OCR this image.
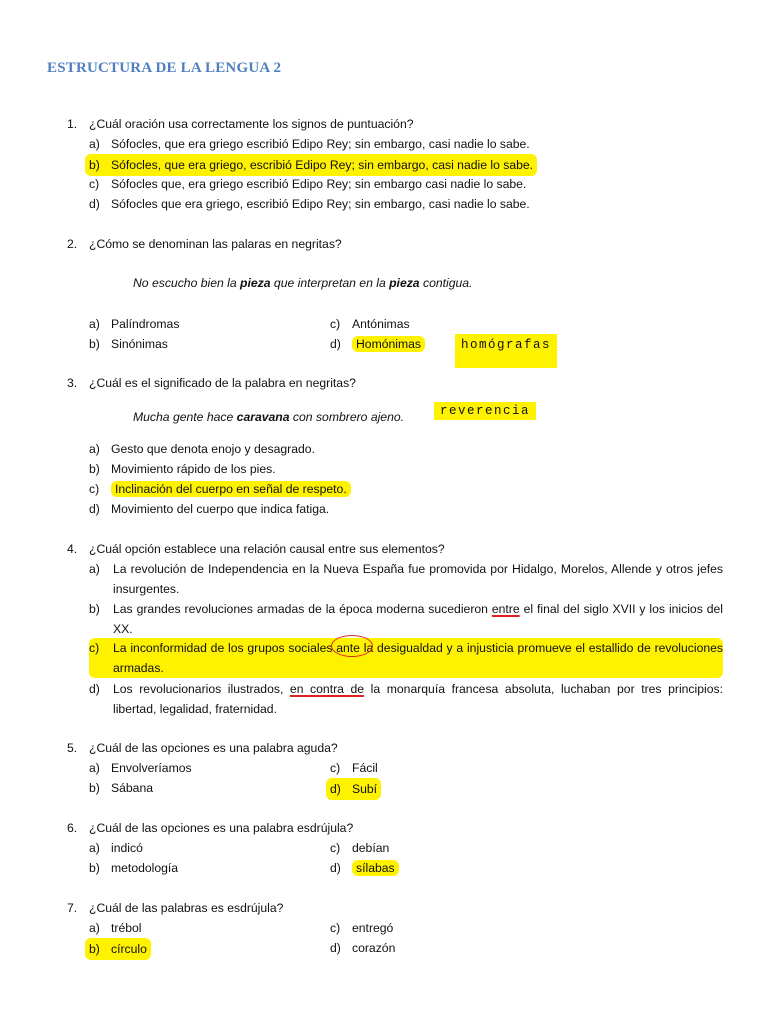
ESTRUCTURA DE LA LENGUA 2
1. ¿Cuál oración usa correctamente los signos de puntuación?
a) Sófocles, que era griego escribió Edipo Rey; sin embargo, casi nadie lo sabe.
b) Sófocles, que era griego, escribió Edipo Rey; sin embargo, casi nadie lo sabe.
c) Sófocles que, era griego escribió Edipo Rey; sin embargo casi nadie lo sabe.
d) Sófocles que era griego, escribió Edipo Rey; sin embargo, casi nadie lo sabe.
2. ¿Cómo se denominan las palaras en negritas?
No escucho bien la pieza que interpretan en la pieza contigua.
a) Palíndromas
b) Sinónimas
c) Antónimas
d) Homónimas	homógrafas
3. ¿Cuál es el significado de la palabra en negritas?
Mucha gente hace caravana con sombrero ajeno.	reverencia
a) Gesto que denota enojo y desagrado.
b) Movimiento rápido de los pies.
c) Inclinación del cuerpo en señal de respeto.
d) Movimiento del cuerpo que indica fatiga.
4. ¿Cuál opción establece una relación causal entre sus elementos?
a) La revolución de Independencia en la Nueva España fue promovida por Hidalgo, Morelos, Allende y otros jefes insurgentes.
b) Las grandes revoluciones armadas de la época moderna sucedieron entre el final del siglo XVII y los inicios del XX.
c) La inconformidad de los grupos sociales ante la desigualdad y a injusticia promueve el estallido de revoluciones armadas.
d) Los revolucionarios ilustrados, en contra de la monarquía francesa absoluta, luchaban por tres principios: libertad, legalidad, fraternidad.
5. ¿Cuál de las opciones es una palabra aguda?
a) Envolveríamos
b) Sábana
c) Fácil
d) Subí
6. ¿Cuál de las opciones es una palabra esdrújula?
a) indicó
b) metodología
c) debían
d) sílabas
7. ¿Cuál de las palabras es esdrújula?
a) trébol
b) círculo
c) entregó
d) corazón
